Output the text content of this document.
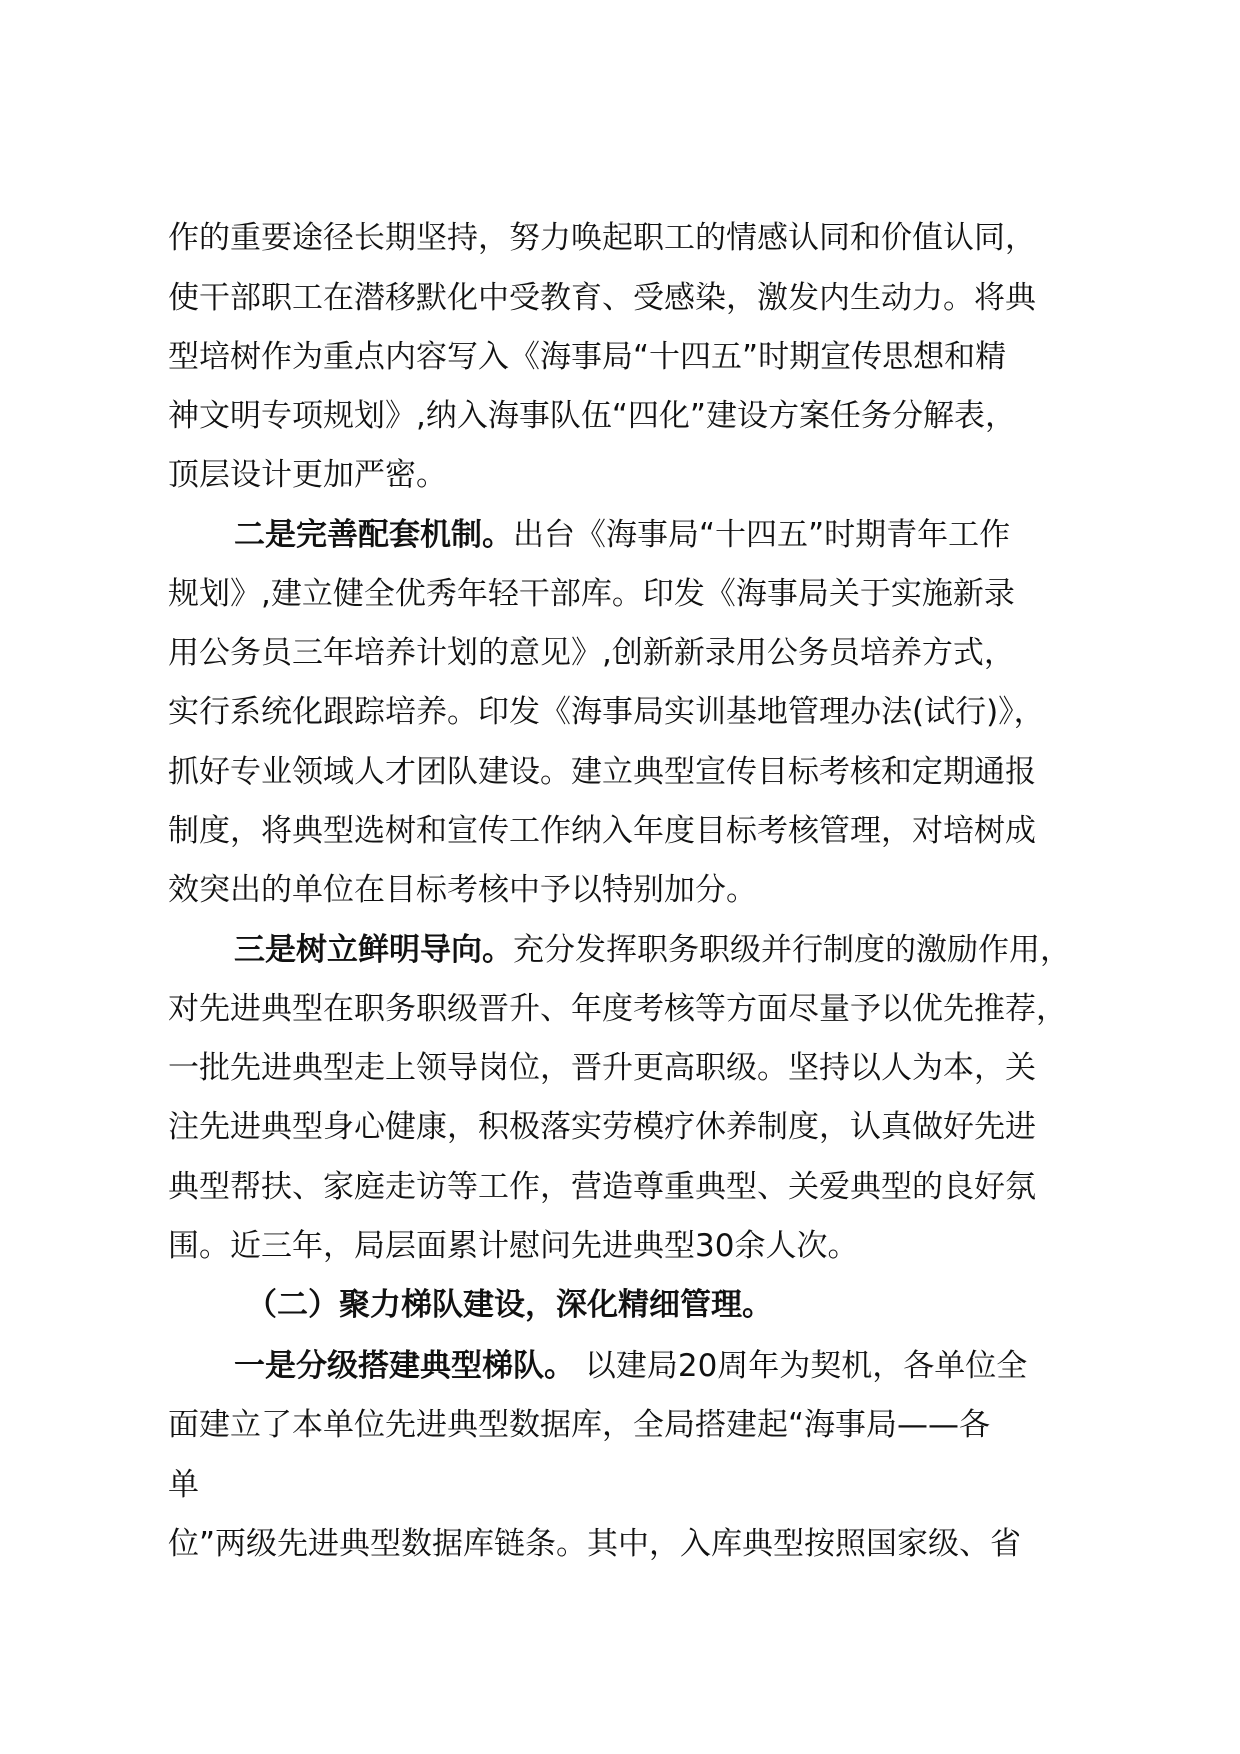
作的重要途径长期坚持，努力唤起职工的情感认同和价值认同，
使干部职工在潜移默化中受教育、受感染，激发内生动力。将典
型培树作为重点内容写入《海事局“十四五”时期宣传思想和精
神文明专项规划》,纳入海事队伍“四化”建设方案任务分解表，
顶层设计更加严密。
二是完善配套机制。出台《海事局“十四五”时期青年工作
规划》,建立健全优秀年轻干部库。印发《海事局关于实施新录
用公务员三年培养计划的意见》,创新新录用公务员培养方式，
实行系统化跟踪培养。印发《海事局实训基地管理办法(试行)》，
抓好专业领域人才团队建设。建立典型宣传目标考核和定期通报
制度，将典型选树和宣传工作纳入年度目标考核管理，对培树成
效突出的单位在目标考核中予以特别加分。
三是树立鲜明导向。充分发挥职务职级并行制度的激励作用，
对先进典型在职务职级晋升、年度考核等方面尽量予以优先推荐，
一批先进典型走上领导岗位，晋升更高职级。坚持以人为本，关
注先进典型身心健康，积极落实劳模疗休养制度，认真做好先进
典型帮扶、家庭走访等工作，营造尊重典型、关爱典型的良好氛
围。近三年，局层面累计慰问先进典型30余人次。
（二）聚力梯队建设，深化精细管理。
一是分级搭建典型梯队。 以建局20周年为契机，各单位全
面建立了本单位先进典型数据库，全局搭建起“海事局——各
单
位”两级先进典型数据库链条。其中，入库典型按照国家级、省
